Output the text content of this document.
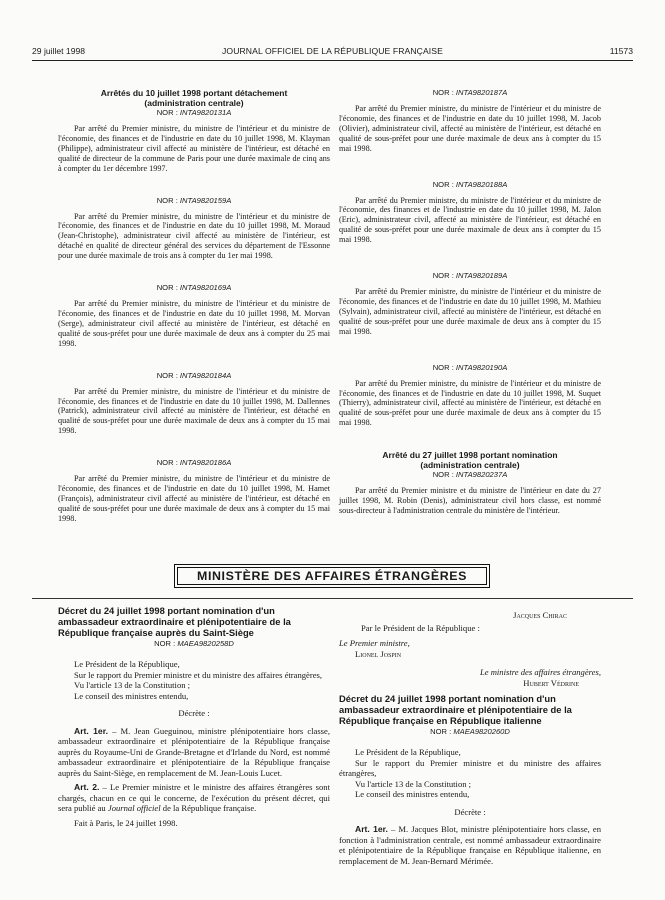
29 juillet 1998	JOURNAL OFFICIEL DE LA RÉPUBLIQUE FRANÇAISE	11573
Arrêtés du 10 juillet 1998 portant détachement
(administration centrale)
NOR : INTA9820131A
Par arrêté du Premier ministre, du ministre de l'intérieur et du ministre de l'économie, des finances et de l'industrie en date du 10 juillet 1998, M. Klayman (Philippe), administrateur civil affecté au ministère de l'intérieur, est détaché en qualité de directeur de la commune de Paris pour une durée maximale de cinq ans à compter du 1er décembre 1997.
NOR : INTA9820159A
Par arrêté du Premier ministre, du ministre de l'intérieur et du ministre de l'économie, des finances et de l'industrie en date du 10 juillet 1998, M. Moraud (Jean-Christophe), administrateur civil affecté au ministère de l'intérieur, est détaché en qualité de directeur général des services du département de l'Essonne pour une durée maximale de trois ans à compter du 1er mai 1998.
NOR : INTA9820169A
Par arrêté du Premier ministre, du ministre de l'intérieur et du ministre de l'économie, des finances et de l'industrie en date du 10 juillet 1998, M. Morvan (Serge), administrateur civil affecté au ministère de l'intérieur, est détaché en qualité de sous-préfet pour une durée maximale de deux ans à compter du 25 mai 1998.
NOR : INTA9820184A
Par arrêté du Premier ministre, du ministre de l'intérieur et du ministre de l'économie, des finances et de l'industrie en date du 10 juillet 1998, M. Dallennes (Patrick), administrateur civil affecté au ministère de l'intérieur, est détaché en qualité de sous-préfet pour une durée maximale de deux ans à compter du 15 mai 1998.
NOR : INTA9820186A
Par arrêté du Premier ministre, du ministre de l'intérieur et du ministre de l'économie, des finances et de l'industrie en date du 10 juillet 1998, M. Hamet (François), administrateur civil affecté au ministère de l'intérieur, est détaché en qualité de sous-préfet pour une durée maximale de deux ans à compter du 15 mai 1998.
NOR : INTA9820187A
Par arrêté du Premier ministre, du ministre de l'intérieur et du ministre de l'économie, des finances et de l'industrie en date du 10 juillet 1998, M. Jacob (Olivier), administrateur civil, affecté au ministère de l'intérieur, est détaché en qualité de sous-préfet pour une durée maximale de deux ans à compter du 15 mai 1998.
NOR : INTA9820188A
Par arrêté du Premier ministre, du ministre de l'intérieur et du ministre de l'économie, des finances et de l'industrie en date du 10 juillet 1998, M. Jalon (Eric), administrateur civil, affecté au ministère de l'intérieur, est détaché en qualité de sous-préfet pour une durée maximale de deux ans à compter du 15 mai 1998.
NOR : INTA9820189A
Par arrêté du Premier ministre, du ministre de l'intérieur et du ministre de l'économie, des finances et de l'industrie en date du 10 juillet 1998, M. Mathieu (Sylvain), administrateur civil, affecté au ministère de l'intérieur, est détaché en qualité de sous-préfet pour une durée maximale de deux ans à compter du 15 mai 1998.
NOR : INTA9820190A
Par arrêté du Premier ministre, du ministre de l'intérieur et du ministre de l'économie, des finances et de l'industrie en date du 10 juillet 1998, M. Suquet (Thierry), administrateur civil, affecté au ministère de l'intérieur, est détaché en qualité de sous-préfet pour une durée maximale de deux ans à compter du 15 mai 1998.
Arrêté du 27 juillet 1998 portant nomination
(administration centrale)
NOR : INTA9820237A
Par arrêté du Premier ministre et du ministre de l'intérieur en date du 27 juillet 1998, M. Robin (Denis), administrateur civil hors classe, est nommé sous-directeur à l'administration centrale du ministère de l'intérieur.
MINISTÈRE DES AFFAIRES ÉTRANGÈRES
Décret du 24 juillet 1998 portant nomination d'un ambassadeur extraordinaire et plénipotentiaire de la République française auprès du Saint-Siège
NOR : MAEA9820258D
Le Président de la République,
Sur le rapport du Premier ministre et du ministre des affaires étrangères,
Vu l'article 13 de la Constitution ;
Le conseil des ministres entendu,
Décrète :
Art. 1er. – M. Jean Gueguinou, ministre plénipotentiaire hors classe, ambassadeur extraordinaire et plénipotentiaire de la République française auprès du Royaume-Uni de Grande-Bretagne et d'Irlande du Nord, est nommé ambassadeur extraordinaire et plénipotentiaire de la République française auprès du Saint-Siège, en remplacement de M. Jean-Louis Lucet.
Art. 2. – Le Premier ministre et le ministre des affaires étrangères sont chargés, chacun en ce qui le concerne, de l'exécution du présent décret, qui sera publié au Journal officiel de la République française.
Fait à Paris, le 24 juillet 1998.
Jacques Chirac
Par le Président de la République :
Le Premier ministre,
Lionel Jospin
Le ministre des affaires étrangères,
Hubert Védrine
Décret du 24 juillet 1998 portant nomination d'un ambassadeur extraordinaire et plénipotentiaire de la République française en République italienne
NOR : MAEA9820260D
Le Président de la République,
Sur le rapport du Premier ministre et du ministre des affaires étrangères,
Vu l'article 13 de la Constitution ;
Le conseil des ministres entendu,
Décrète :
Art. 1er. – M. Jacques Blot, ministre plénipotentiaire hors classe, en fonction à l'administration centrale, est nommé ambassadeur extraordinaire et plénipotentiaire de la République française en République italienne, en remplacement de M. Jean-Bernard Mérimée.
